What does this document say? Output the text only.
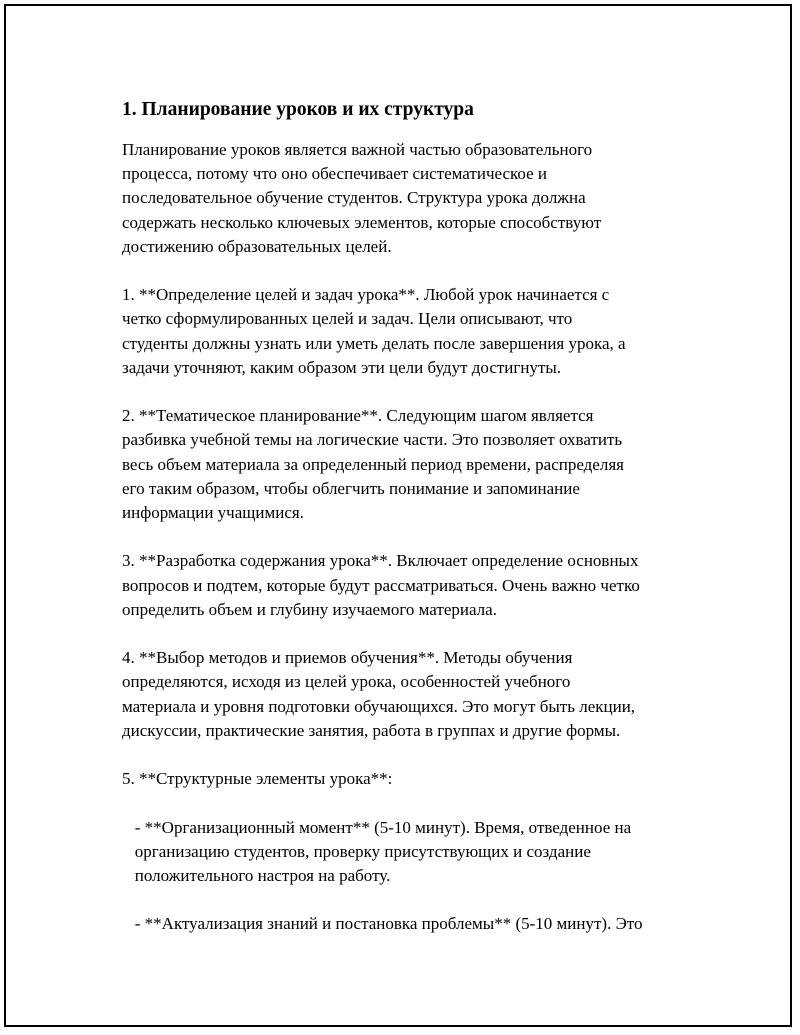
1. Планирование уроков и их структура
Планирование уроков является важной частью образовательного
процесса, потому что оно обеспечивает систематическое и
последовательное обучение студентов. Структура урока должна
содержать несколько ключевых элементов, которые способствуют
достижению образовательных целей.
1. **Определение целей и задач урока**. Любой урок начинается с
четко сформулированных целей и задач. Цели описывают, что
студенты должны узнать или уметь делать после завершения урока, а
задачи уточняют, каким образом эти цели будут достигнуты.
2. **Тематическое планирование**. Следующим шагом является
разбивка учебной темы на логические части. Это позволяет охватить
весь объем материала за определенный период времени, распределяя
его таким образом, чтобы облегчить понимание и запоминание
информации учащимися.
3. **Разработка содержания урока**. Включает определение основных
вопросов и подтем, которые будут рассматриваться. Очень важно четко
определить объем и глубину изучаемого материала.
4. **Выбор методов и приемов обучения**. Методы обучения
определяются, исходя из целей урока, особенностей учебного
материала и уровня подготовки обучающихся. Это могут быть лекции,
дискуссии, практические занятия, работа в группах и другие формы.
5. **Структурные элементы урока**:
- **Организационный момент** (5-10 минут). Время, отведенное на
организацию студентов, проверку присутствующих и создание
положительного настроя на работу.
- **Актуализация знаний и постановка проблемы** (5-10 минут). Это
